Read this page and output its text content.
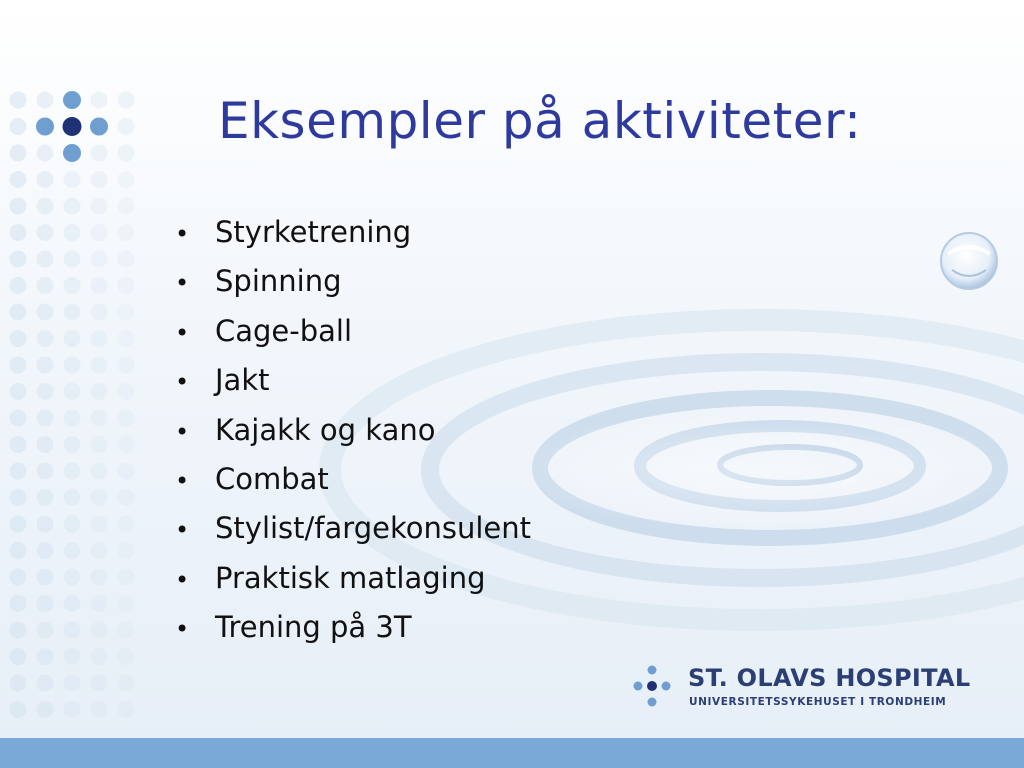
Eksempler på aktiviteter:
• Styrketrening
• Spinning
• Cage-ball
• Jakt
• Kajakk og kano
• Combat
• Stylist/fargekonsulent
• Praktisk matlaging
• Trening på 3T
ST. OLAVS HOSPITAL
UNIVERSITETSSYKEHUSET I TRONDHEIM
